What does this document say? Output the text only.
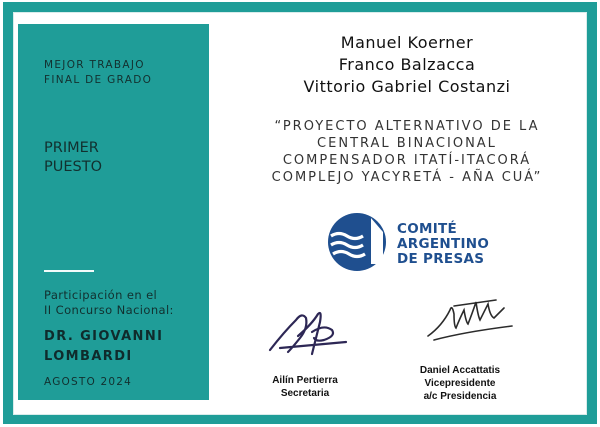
MEJOR TRABAJO
FINAL DE GRADO
PRIMER
PUESTO
Participación en el
II Concurso Nacional:
DR. GIOVANNI
LOMBARDI
AGOSTO 2024
Manuel Koerner
Franco Balzacca
Vittorio Gabriel Costanzi
“PROYECTO ALTERNATIVO DE LA
CENTRAL BINACIONAL
COMPENSADOR ITATÍ-ITACORÁ
COMPLEJO YACYRETÁ - AÑA CUÁ”
COMITÉ
ARGENTINO
DE PRESAS
Ailín Pertierra
Secretaria
Daniel Accattatis
Vicepresidente
a/c Presidencia
